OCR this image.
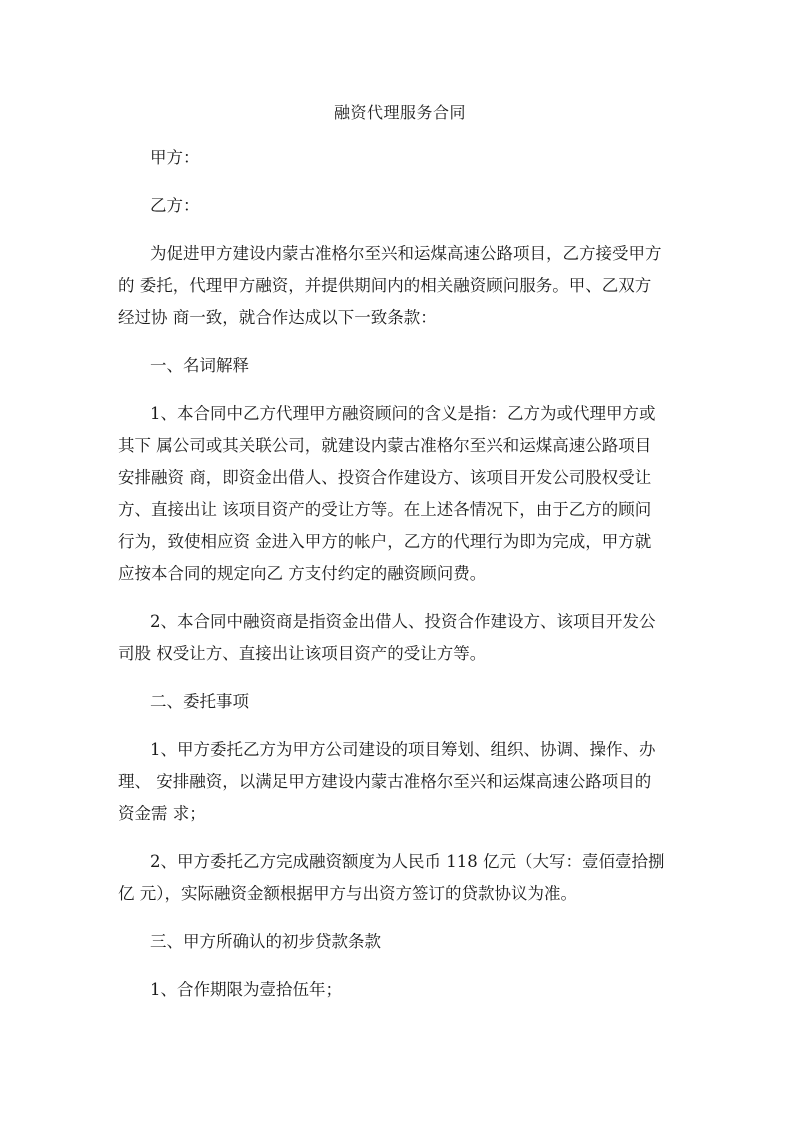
融资代理服务合同
甲方：
乙方：
为促进甲方建设内蒙古准格尔至兴和运煤高速公路项目，乙方接受甲方
的 委托，代理甲方融资，并提供期间内的相关融资顾问服务。甲、乙双方
经过协 商一致，就合作达成以下一致条款：
一、名词解释
1、本合同中乙方代理甲方融资顾问的含义是指：乙方为或代理甲方或
其下 属公司或其关联公司，就建设内蒙古准格尔至兴和运煤高速公路项目
安排融资 商，即资金出借人、投资合作建设方、该项目开发公司股权受让
方、直接出让 该项目资产的受让方等。在上述各情况下，由于乙方的顾问
行为，致使相应资 金进入甲方的帐户，乙方的代理行为即为完成，甲方就
应按本合同的规定向乙 方支付约定的融资顾问费。
2、本合同中融资商是指资金出借人、投资合作建设方、该项目开发公
司股 权受让方、直接出让该项目资产的受让方等。
二、委托事项
1、甲方委托乙方为甲方公司建设的项目筹划、组织、协调、操作、办
理、 安排融资，以满足甲方建设内蒙古准格尔至兴和运煤高速公路项目的
资金需 求；
2、甲方委托乙方完成融资额度为人民币 118 亿元（大写：壹佰壹拾捌
亿 元），实际融资金额根据甲方与出资方签订的贷款协议为准。
三、甲方所确认的初步贷款条款
1、合作期限为壹拾伍年；
